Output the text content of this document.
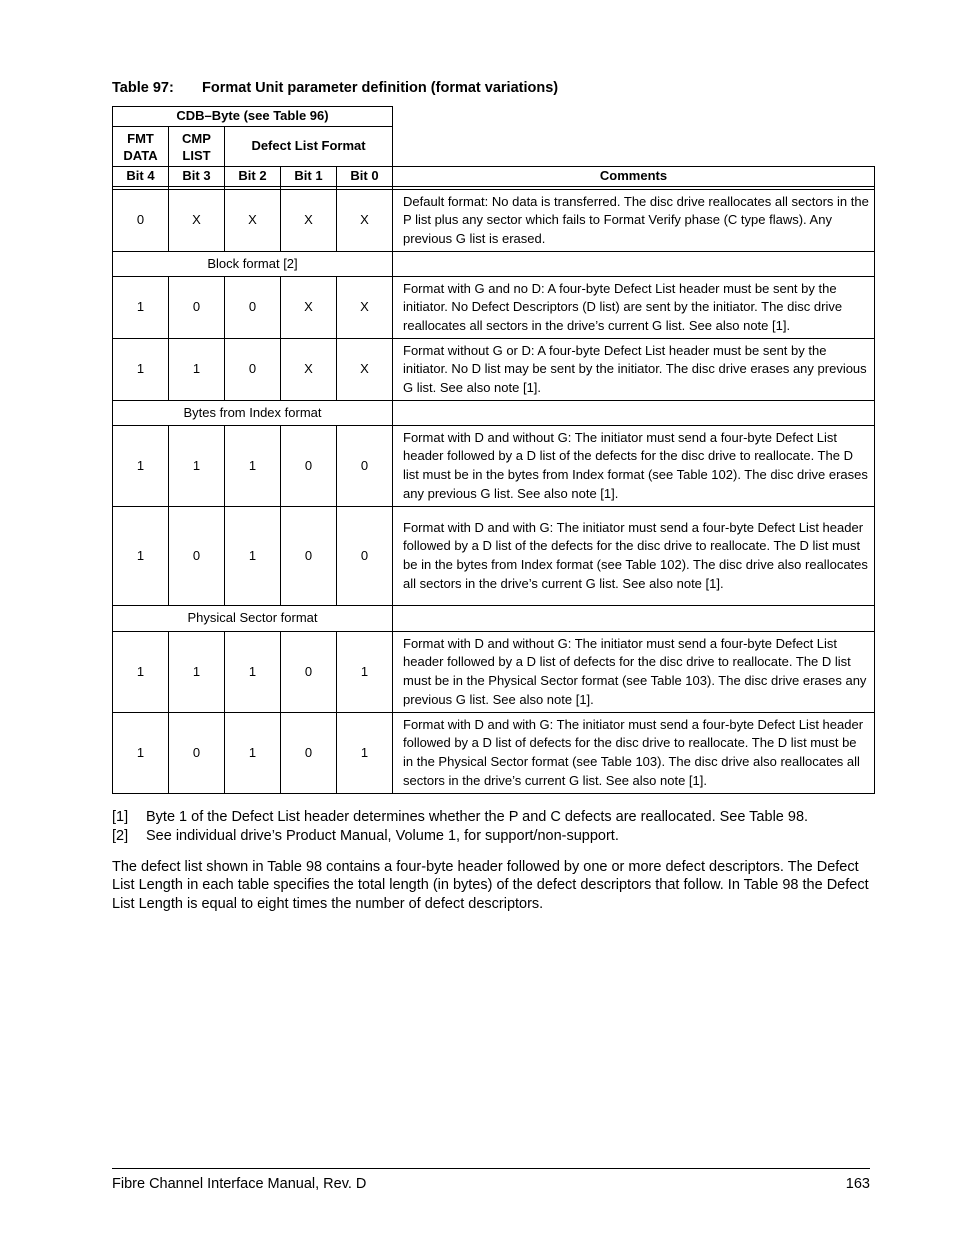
Table 97: Format Unit parameter definition (format variations)
CDB–Byte (see Table 96)					
FMT DATA	CMP LIST	Defect List Format			
Bit 4	Bit 3	Bit 2	Bit 1	Bit 0	Comments

0	X	X	X	X	Default format: No data is transferred. The disc drive reallocates all sectors in the P list plus any sector which fails to Format Verify phase (C type flaws). Any previous G list is erased.
Block format [2]					
1	0	0	X	X	Format with G and no D: A four-byte Defect List header must be sent by the initiator. No Defect Descriptors (D list) are sent by the initiator. The disc drive reallocates all sectors in the drive’s current G list. See also note [1].
1	1	0	X	X	Format without G or D: A four-byte Defect List header must be sent by the initiator. No D list may be sent by the initiator. The disc drive erases any previous G list. See also note [1].
Bytes from Index format					
1	1	1	0	0	Format with D and without G: The initiator must send a four-byte Defect List header followed by a D list of the defects for the disc drive to reallocate. The D list must be in the bytes from Index format (see Table 102). The disc drive erases any previous G list. See also note [1].
1	0	1	0	0	Format with D and with G: The initiator must send a four-byte Defect List header followed by a D list of the defects for the disc drive to reallocate. The D list must be in the bytes from Index format (see Table 102). The disc drive also reallocates all sectors in the drive’s current G list. See also note [1].
Physical Sector format					
1	1	1	0	1	Format with D and without G: The initiator must send a four-byte Defect List header followed by a D list of defects for the disc drive to reallocate. The D list must be in the Physical Sector format (see Table 103). The disc drive erases any previous G list. See also note [1].
1	0	1	0	1	Format with D and with G: The initiator must send a four-byte Defect List header followed by a D list of defects for the disc drive to reallocate. The D list must be in the Physical Sector format (see Table 103). The disc drive also reallocates all sectors in the drive’s current G list. See also note [1].
[1]	Byte 1 of the Defect List header determines whether the P and C defects are reallocated. See Table 98.
[2]	See individual drive’s Product Manual, Volume 1, for support/non-support.
The defect list shown in Table 98 contains a four-byte header followed by one or more defect descriptors. The Defect List Length in each table specifies the total length (in bytes) of the defect descriptors that follow. In Table 98 the Defect List Length is equal to eight times the number of defect descriptors.
Fibre Channel Interface Manual, Rev. D	163
